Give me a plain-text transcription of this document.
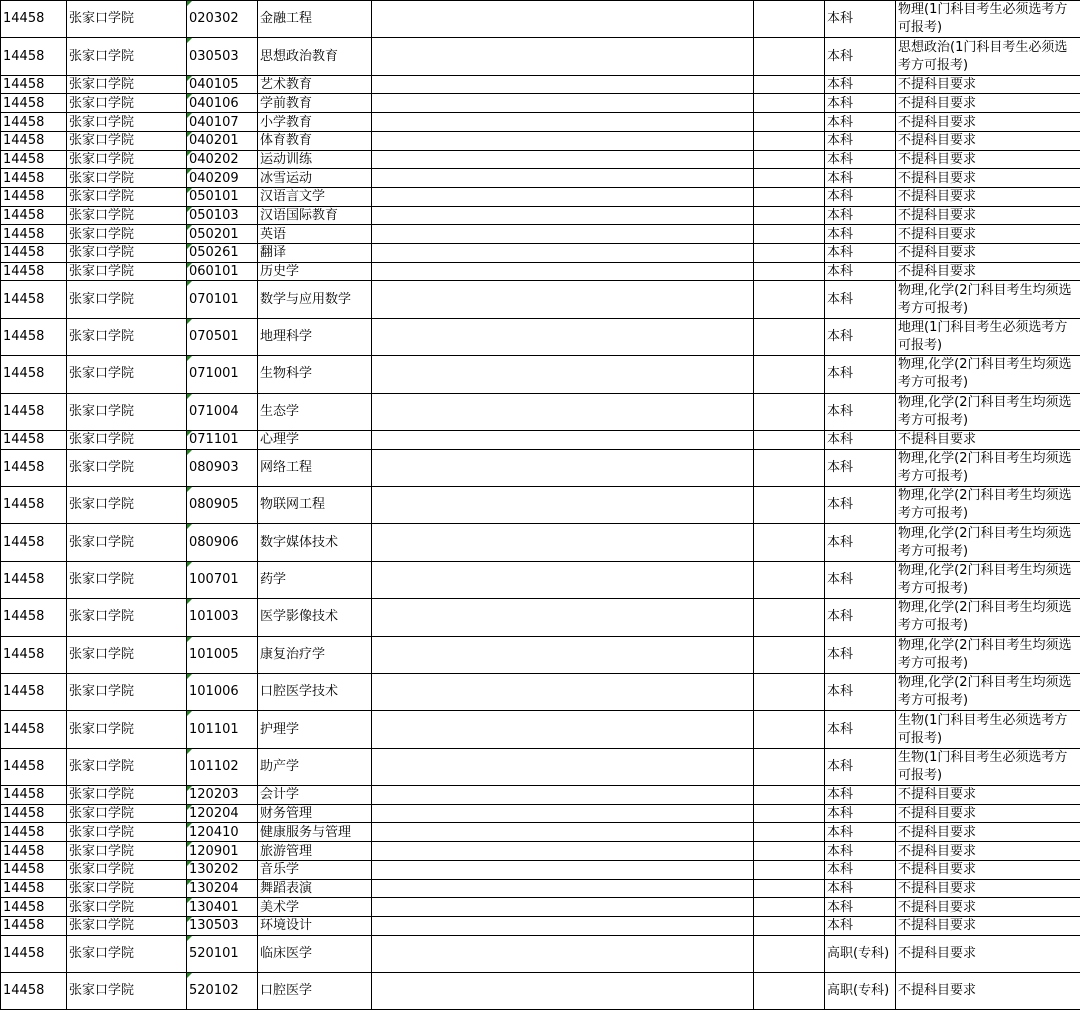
14458	张家口学院	020302	金融工程			本科	物理(1门科目考生必须选考方可报考)
14458	张家口学院	030503	思想政治教育			本科	思想政治(1门科目考生必须选考方可报考)
14458	张家口学院	040105	艺术教育			本科	不提科目要求
14458	张家口学院	040106	学前教育			本科	不提科目要求
14458	张家口学院	040107	小学教育			本科	不提科目要求
14458	张家口学院	040201	体育教育			本科	不提科目要求
14458	张家口学院	040202	运动训练			本科	不提科目要求
14458	张家口学院	040209	冰雪运动			本科	不提科目要求
14458	张家口学院	050101	汉语言文学			本科	不提科目要求
14458	张家口学院	050103	汉语国际教育			本科	不提科目要求
14458	张家口学院	050201	英语			本科	不提科目要求
14458	张家口学院	050261	翻译			本科	不提科目要求
14458	张家口学院	060101	历史学			本科	不提科目要求
14458	张家口学院	070101	数学与应用数学			本科	物理,化学(2门科目考生均须选考方可报考)
14458	张家口学院	070501	地理科学			本科	地理(1门科目考生必须选考方可报考)
14458	张家口学院	071001	生物科学			本科	物理,化学(2门科目考生均须选考方可报考)
14458	张家口学院	071004	生态学			本科	物理,化学(2门科目考生均须选考方可报考)
14458	张家口学院	071101	心理学			本科	不提科目要求
14458	张家口学院	080903	网络工程			本科	物理,化学(2门科目考生均须选考方可报考)
14458	张家口学院	080905	物联网工程			本科	物理,化学(2门科目考生均须选考方可报考)
14458	张家口学院	080906	数字媒体技术			本科	物理,化学(2门科目考生均须选考方可报考)
14458	张家口学院	100701	药学			本科	物理,化学(2门科目考生均须选考方可报考)
14458	张家口学院	101003	医学影像技术			本科	物理,化学(2门科目考生均须选考方可报考)
14458	张家口学院	101005	康复治疗学			本科	物理,化学(2门科目考生均须选考方可报考)
14458	张家口学院	101006	口腔医学技术			本科	物理,化学(2门科目考生均须选考方可报考)
14458	张家口学院	101101	护理学			本科	生物(1门科目考生必须选考方可报考)
14458	张家口学院	101102	助产学			本科	生物(1门科目考生必须选考方可报考)
14458	张家口学院	120203	会计学			本科	不提科目要求
14458	张家口学院	120204	财务管理			本科	不提科目要求
14458	张家口学院	120410	健康服务与管理			本科	不提科目要求
14458	张家口学院	120901	旅游管理			本科	不提科目要求
14458	张家口学院	130202	音乐学			本科	不提科目要求
14458	张家口学院	130204	舞蹈表演			本科	不提科目要求
14458	张家口学院	130401	美术学			本科	不提科目要求
14458	张家口学院	130503	环境设计			本科	不提科目要求
14458	张家口学院	520101	临床医学			高职(专科)	不提科目要求
14458	张家口学院	520102	口腔医学			高职(专科)	不提科目要求
